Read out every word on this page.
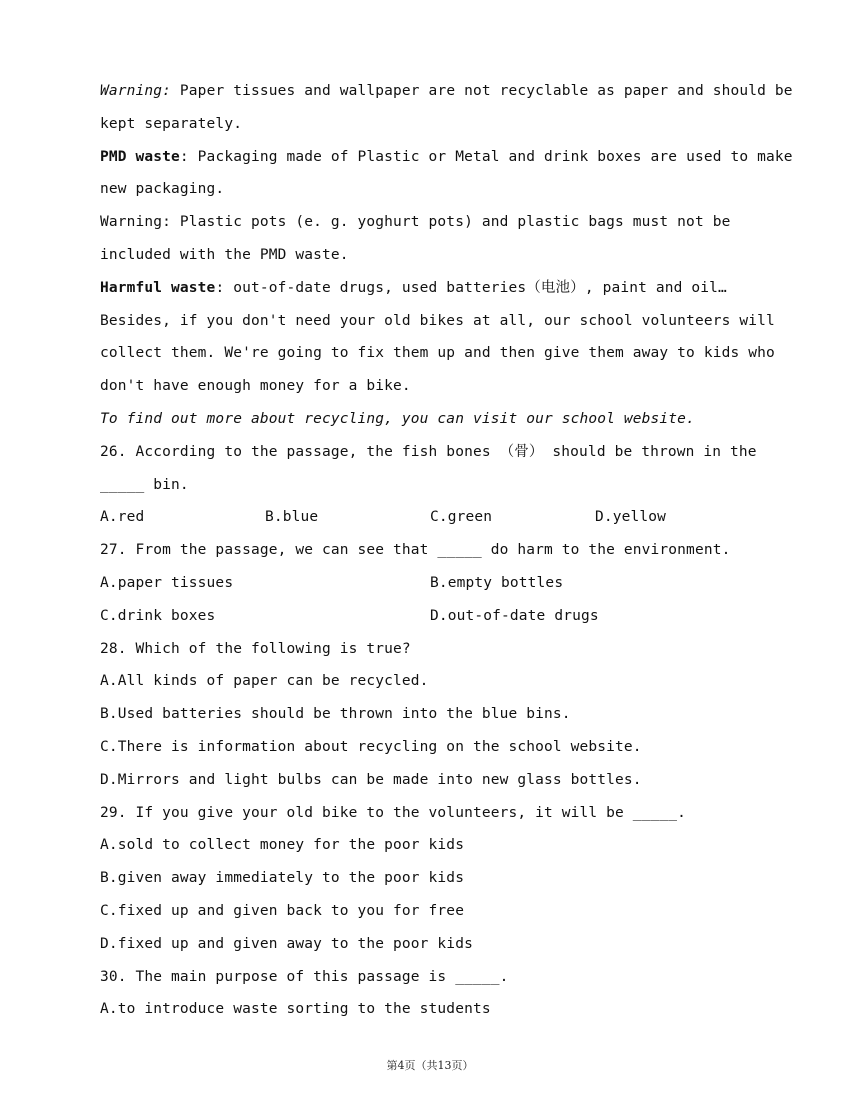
Warning: Paper tissues and wallpaper are not recyclable as paper and should be
kept separately.
PMD waste: Packaging made of Plastic or Metal and drink boxes are used to make
new packaging.
Warning: Plastic pots (e. g. yoghurt pots) and plastic bags must not be
included with the PMD waste.
Harmful waste: out-of-date drugs, used batteries（电池）, paint and oil…
Besides, if you don't need your old bikes at all, our school volunteers will
collect them. We're going to fix them up and then give them away to kids who
don't have enough money for a bike.
To find out more about recycling, you can visit our school website.
26. According to the passage, the fish bones （骨） should be thrown in the
_____ bin.
A.red	B.blue	C.green	D.yellow
27. From the passage, we can see that _____ do harm to the environment.
A.paper tissues	B.empty bottles
C.drink boxes	D.out-of-date drugs
28. Which of the following is true?
A.All kinds of paper can be recycled.
B.Used batteries should be thrown into the blue bins.
C.There is information about recycling on the school website.
D.Mirrors and light bulbs can be made into new glass bottles.
29. If you give your old bike to the volunteers, it will be _____.
A.sold to collect money for the poor kids
B.given away immediately to the poor kids
C.fixed up and given back to you for free
D.fixed up and given away to the poor kids
30. The main purpose of this passage is _____.
A.to introduce waste sorting to the students
第4页（共13页）
